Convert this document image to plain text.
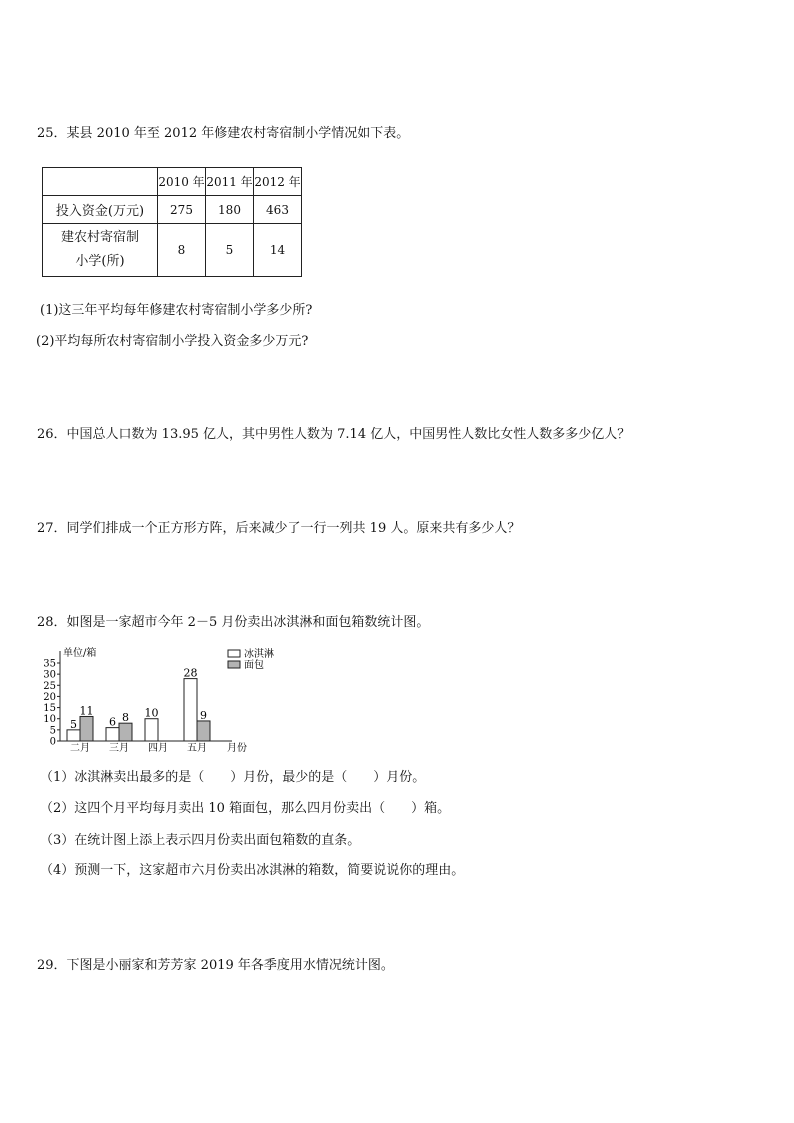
25．某县 2010 年至 2012 年修建农村寄宿制小学情况如下表。
	2010 年	2011 年	2012 年
投入资金(万元)	275	180	463

建农村寄宿制
小学(所)	8	5	14
(1)这三年平均每年修建农村寄宿制小学多少所?
(2)平均每所农村寄宿制小学投入资金多少万元?
26．中国总人口数为 13.95 亿人，其中男性人数为 7.14 亿人，中国男性人数比女性人数多多少亿人？
27．同学们排成一个正方形方阵，后来减少了一行一列共 19 人。原来共有多少人？
28．如图是一家超市今年 2－5 月份卖出冰淇淋和面包箱数统计图。
单位/箱
月份
0
5
10
15
20
25
30
35
5
11
二月
6 8
三月
10
四月
28
9
五月
冰淇淋
面包
（1）冰淇淋卖出最多的是（　　）月份，最少的是（　　）月份。
（2）这四个月平均每月卖出 10 箱面包，那么四月份卖出（　　）箱。
（3）在统计图上添上表示四月份卖出面包箱数的直条。
（4）预测一下，这家超市六月份卖出冰淇淋的箱数，简要说说你的理由。
29．下图是小丽家和芳芳家 2019 年各季度用水情况统计图。
